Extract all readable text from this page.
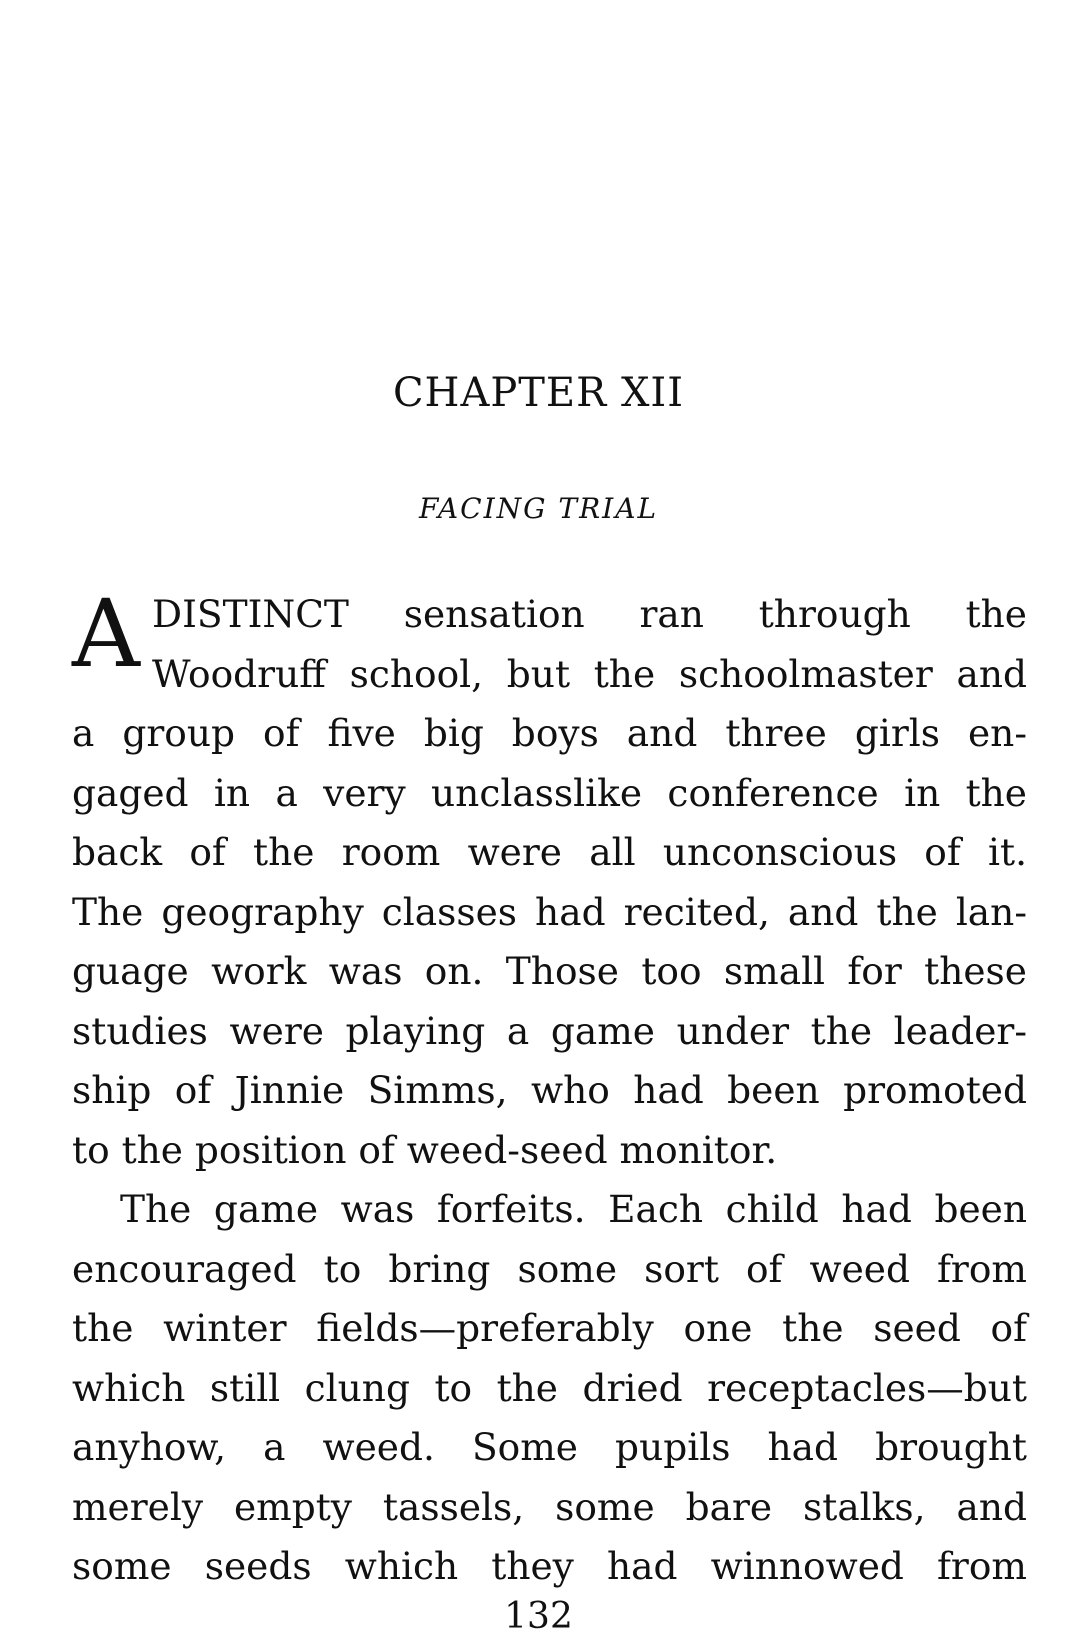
CHAPTER XII
FACING TRIAL
A DISTINCT sensation ran through the
Woodruff school, but the schoolmaster and
a group of five big boys and three girls en-
gaged in a very unclasslike conference in the
back of the room were all unconscious of it.
The geography classes had recited, and the lan-
guage work was on. Those too small for these
studies were playing a game under the leader-
ship of Jinnie Simms, who had been promoted
to the position of weed-seed monitor.
The game was forfeits. Each child had been
encouraged to bring some sort of weed from
the winter fields—preferably one the seed of
which still clung to the dried receptacles—but
anyhow, a weed. Some pupils had brought
merely empty tassels, some bare stalks, and
some seeds which they had winnowed from
132
